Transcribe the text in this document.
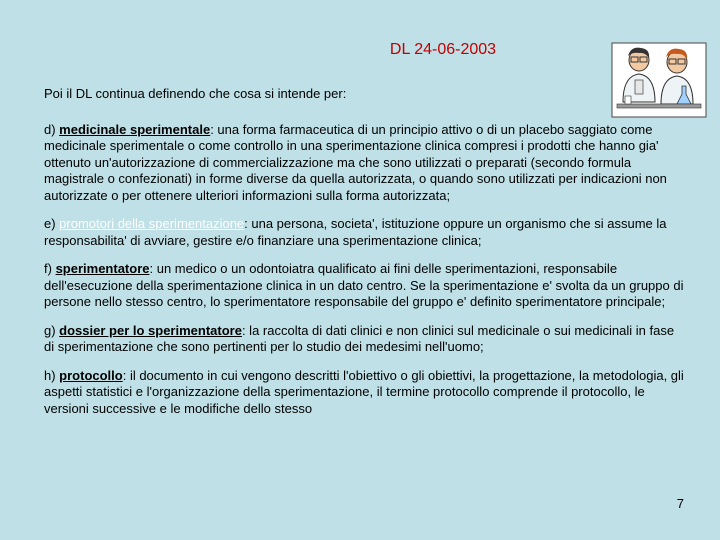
DL 24-06-2003

Poi il DL continua definendo che cosa si intende per:

d) medicinale sperimentale: una forma farmaceutica di un principio attivo o di un placebo saggiato come medicinale sperimentale o come controllo in una sperimentazione clinica compresi i prodotti che hanno gia' ottenuto un'autorizzazione di commercializzazione ma che sono utilizzati o preparati (secondo formula magistrale o confezionati) in forme diverse da quella autorizzata, o quando sono utilizzati per indicazioni non autorizzate o per ottenere ulteriori informazioni sulla forma autorizzata;

e) promotori della sperimentazione: una persona, societa', istituzione oppure un organismo che si assume la responsabilita' di avviare, gestire e/o finanziare una sperimentazione clinica;

f) sperimentatore: un medico o un odontoiatra qualificato ai fini delle sperimentazioni, responsabile dell'esecuzione della sperimentazione clinica in un dato centro. Se la sperimentazione e' svolta da un gruppo di persone nello stesso centro, lo sperimentatore responsabile del gruppo e' definito sperimentatore principale;

g) dossier per lo sperimentatore: la raccolta di dati clinici e non clinici sul medicinale o sui medicinali in fase di sperimentazione che sono pertinenti per lo studio dei medesimi nell'uomo;

h) protocollo: il documento in cui vengono descritti l'obiettivo o gli obiettivi, la progettazione, la metodologia, gli aspetti statistici e l'organizzazione della sperimentazione, il termine protocollo comprende il protocollo, le versioni successive e le modifiche dello stesso

7
